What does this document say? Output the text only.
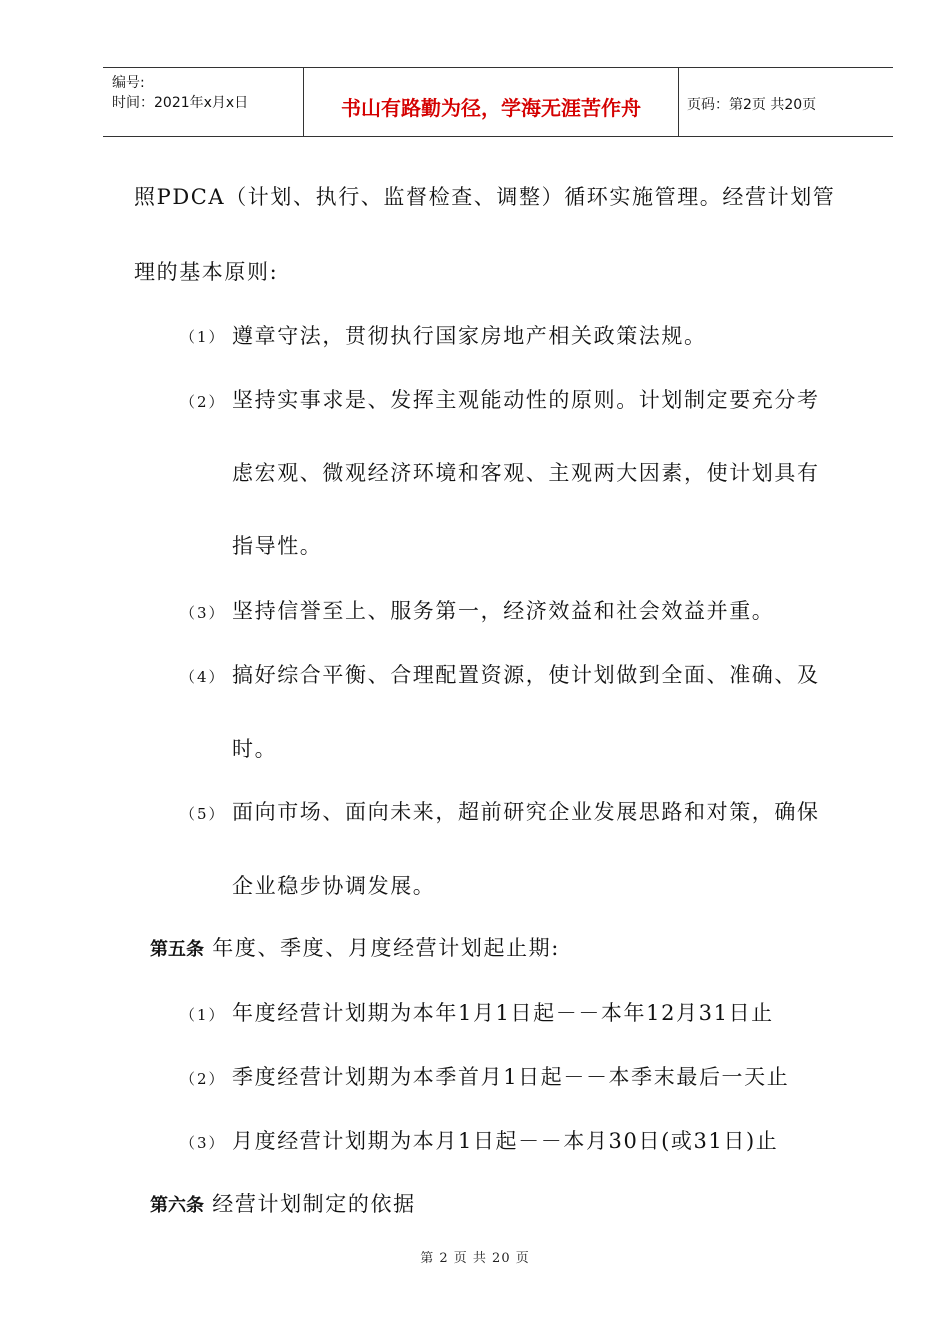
编号:
时间：2021年x月x日	书山有路勤为径，学海无涯苦作舟	页码：第2页 共20页
照PDCA（计划、执行、监督检查、调整）循环实施管理。经营计划管
理的基本原则:
（1） 遵章守法，贯彻执行国家房地产相关政策法规。
（2） 坚持实事求是、发挥主观能动性的原则。计划制定要充分考
虑宏观、微观经济环境和客观、主观两大因素，使计划具有
指导性。
（3） 坚持信誉至上、服务第一，经济效益和社会效益并重。
（4） 搞好综合平衡、合理配置资源，使计划做到全面、准确、及
时。
（5） 面向市场、面向未来，超前研究企业发展思路和对策，确保
企业稳步协调发展。
第五条 年度、季度、月度经营计划起止期:
（1） 年度经营计划期为本年1月1日起－－本年12月31日止
（2） 季度经营计划期为本季首月1日起－－本季末最后一天止
（3） 月度经营计划期为本月1日起－－本月30日(或31日)止
第六条 经营计划制定的依据
第 2 页 共 20 页
